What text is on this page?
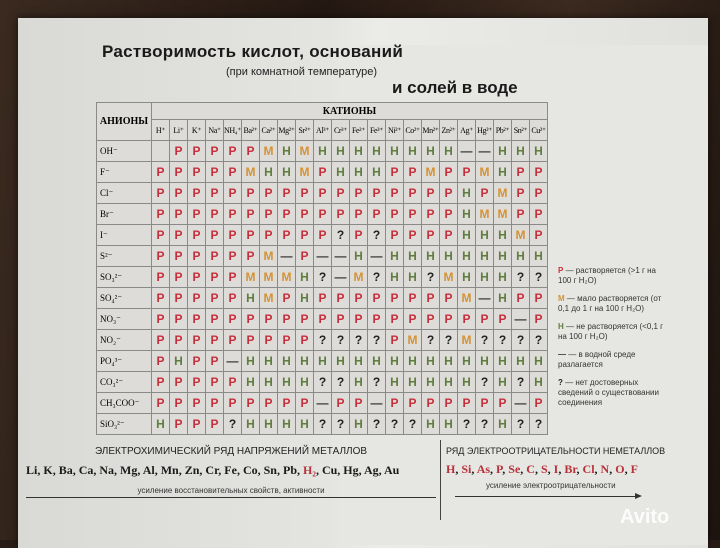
Растворимость кислот, оснований
(при комнатной температуре)
и солей в воде
АНИОНЫ	КАТИОНЫ																					
	H⁺	Li⁺	K⁺	Na⁺	NH₄⁺	Ba²⁺	Ca²⁺	Mg²⁺	Sr²⁺	Al³⁺	Cr³⁺	Fe²⁺	Fe³⁺	Ni²⁺	Co²⁺	Mn²⁺	Zn²⁺	Ag⁺	Hg²⁺	Pb²⁺	Sn²⁺	Cu²⁺
OH⁻		Р	Р	Р	Р	Р	М	Н	М	Н	Н	Н	Н	Н	Н	Н	Н	—	—	Н	Н	Н
F⁻	Р	Р	Р	Р	Р	М	Н	Н	М	Р	Н	Н	Н	Р	Р	М	Р	Р	М	Н	Р	Р
Cl⁻	Р	Р	Р	Р	Р	Р	Р	Р	Р	Р	Р	Р	Р	Р	Р	Р	Р	Н	Р	М	Р	Р
Br⁻	Р	Р	Р	Р	Р	Р	Р	Р	Р	Р	Р	Р	Р	Р	Р	Р	Р	Н	М	М	Р	Р
I⁻	Р	Р	Р	Р	Р	Р	Р	Р	Р	Р	?	Р	?	Р	Р	Р	Р	Н	Н	Н	М	Р
S²⁻	Р	Р	Р	Р	Р	Р	М	—	Р	—	—	Н	—	Н	Н	Н	Н	Н	Н	Н	Н	Н
SO₃²⁻	Р	Р	Р	Р	Р	М	М	М	Н	?	—	М	?	Н	Н	?	М	Н	Н	Н	?	?
SO₄²⁻	Р	Р	Р	Р	Р	Н	М	Р	Н	Р	Р	Р	Р	Р	Р	Р	Р	М	—	Н	Р	Р
NO₃⁻	Р	Р	Р	Р	Р	Р	Р	Р	Р	Р	Р	Р	Р	Р	Р	Р	Р	Р	Р	Р	—	Р
NO₂⁻	Р	Р	Р	Р	Р	Р	Р	Р	Р	?	?	?	?	Р	М	?	?	М	?	?	?	?
PO₄³⁻	Р	Н	Р	Р	—	Н	Н	Н	Н	Н	Н	Н	Н	Н	Н	Н	Н	Н	Н	Н	Н	Н
CO₃²⁻	Р	Р	Р	Р	Р	Н	Н	Н	Н	?	?	Н	?	Н	Н	Н	Н	Н	?	Н	?	Н
CH₃COO⁻	Р	Р	Р	Р	Р	Р	Р	Р	Р	—	Р	Р	—	Р	Р	Р	Р	Р	Р	Р	—	Р
SiO₃²⁻	Н	Р	Р	Р	?	Н	Н	Н	Н	?	?	Н	?	?	?	Н	Н	?	?	Н	?	?
Р — растворяется (>1 г на 100 г H₂O)
М — мало растворяется (от 0,1 до 1 г на 100 г H₂O)
Н — не растворяется (<0,1 г на 100 г H₂O)
— — в водной среде разлагается
? — нет достоверных сведений о существовании соединения
ЭЛЕКТРОХИМИЧЕСКИЙ РЯД НАПРЯЖЕНИЙ МЕТАЛЛОВ
Li, K, Ba, Ca, Na, Mg, Al, Mn, Zn, Cr, Fe, Co, Sn, Pb, H₂, Cu, Hg, Ag, Au
усиление восстановительных свойств, активности
РЯД ЭЛЕКТРООТРИЦАТЕЛЬНОСТИ НЕМЕТАЛЛОВ
H, Si, As, P, Se, C, S, I, Br, Cl, N, O, F
усиление электроотрицательности
Avito
